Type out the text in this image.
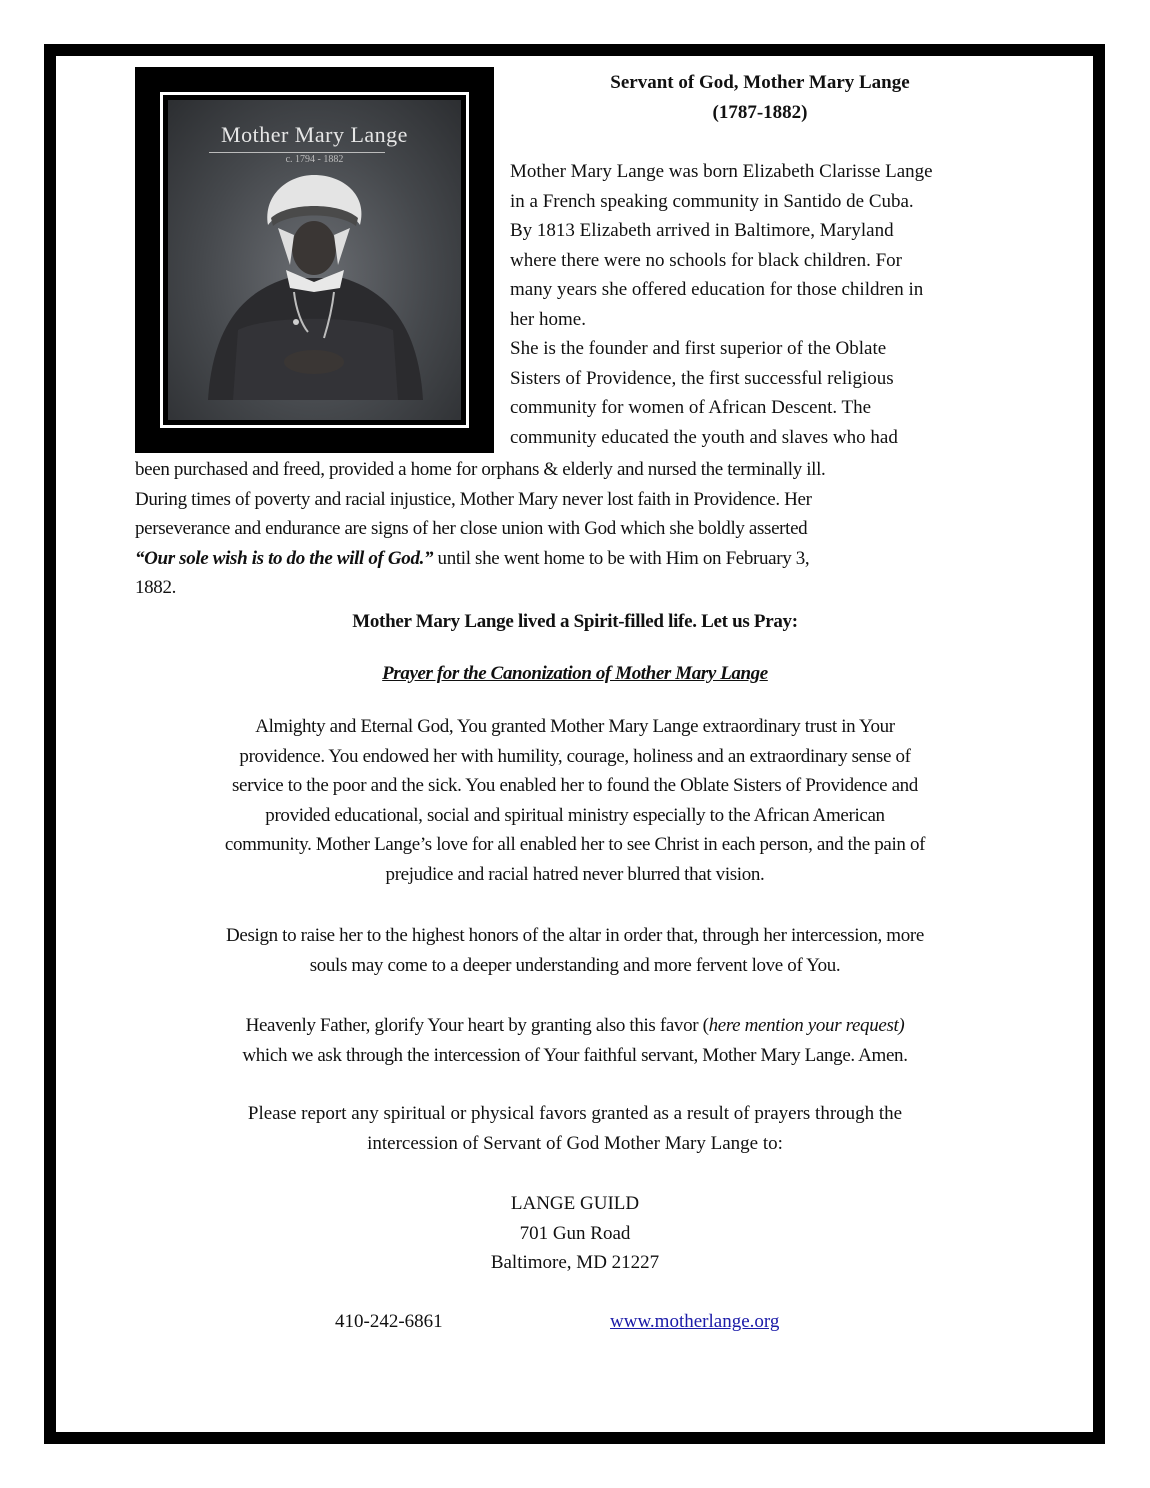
Mother Mary Lange
c. 1794 - 1882
Servant of God, Mother Mary Lange
(1787-1882)
Mother Mary Lange was born Elizabeth Clarisse Lange
in a French speaking community in Santido de Cuba.
By 1813 Elizabeth arrived in Baltimore, Maryland
where there were no schools for black children. For
many years she offered education for those children in
her home.
She is the founder and first superior of the Oblate
Sisters of Providence, the first successful religious
community for women of African Descent. The
community educated the youth and slaves who had
been purchased and freed, provided a home for orphans & elderly and nursed the terminally ill.
During times of poverty and racial injustice, Mother Mary never lost faith in Providence. Her
perseverance and endurance are signs of her close union with God which she boldly asserted
“Our sole wish is to do the will of God.” until she went home to be with Him on February 3,
1882.
Mother Mary Lange lived a Spirit-filled life. Let us Pray:
Prayer for the Canonization of Mother Mary Lange
Almighty and Eternal God, You granted Mother Mary Lange extraordinary trust in Your
providence. You endowed her with humility, courage, holiness and an extraordinary sense of
service to the poor and the sick. You enabled her to found the Oblate Sisters of Providence and
provided educational, social and spiritual ministry especially to the African American
community. Mother Lange’s love for all enabled her to see Christ in each person, and the pain of
prejudice and racial hatred never blurred that vision.
Design to raise her to the highest honors of the altar in order that, through her intercession, more
souls may come to a deeper understanding and more fervent love of You.
Heavenly Father, glorify Your heart by granting also this favor (here mention your request)
which we ask through the intercession of Your faithful servant, Mother Mary Lange. Amen.
Please report any spiritual or physical favors granted as a result of prayers through the
intercession of Servant of God Mother Mary Lange to:
LANGE GUILD
701 Gun Road
Baltimore, MD 21227
410-242-6861	www.motherlange.org
